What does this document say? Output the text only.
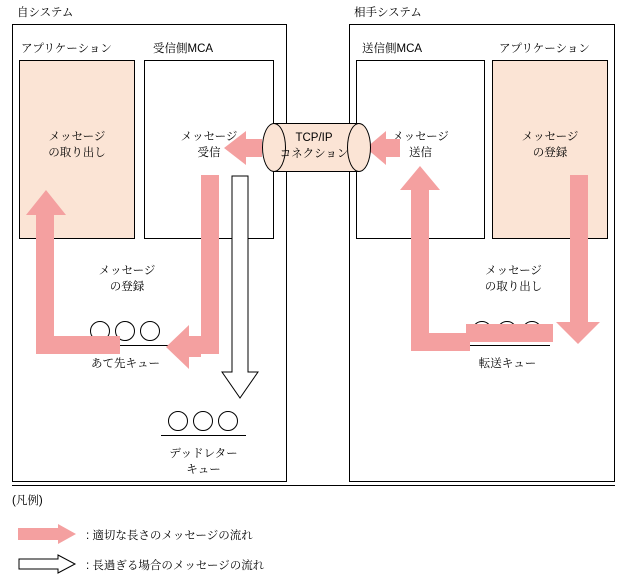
自システム
アプリケーション
メッセージ
の取り出し
受信側MCA
メッセージ
受信
メッセージ
の登録
あて先キュー
デッドレター
キュー
相手システム
送信側MCA
メッセージ
送信
アプリケーション
メッセージ
の登録
メッセージ
の取り出し
転送キュー
TCP/IP
コネクション
(凡例)
: 適切な長さのメッセージの流れ
: 長過ぎる場合のメッセージの流れ
